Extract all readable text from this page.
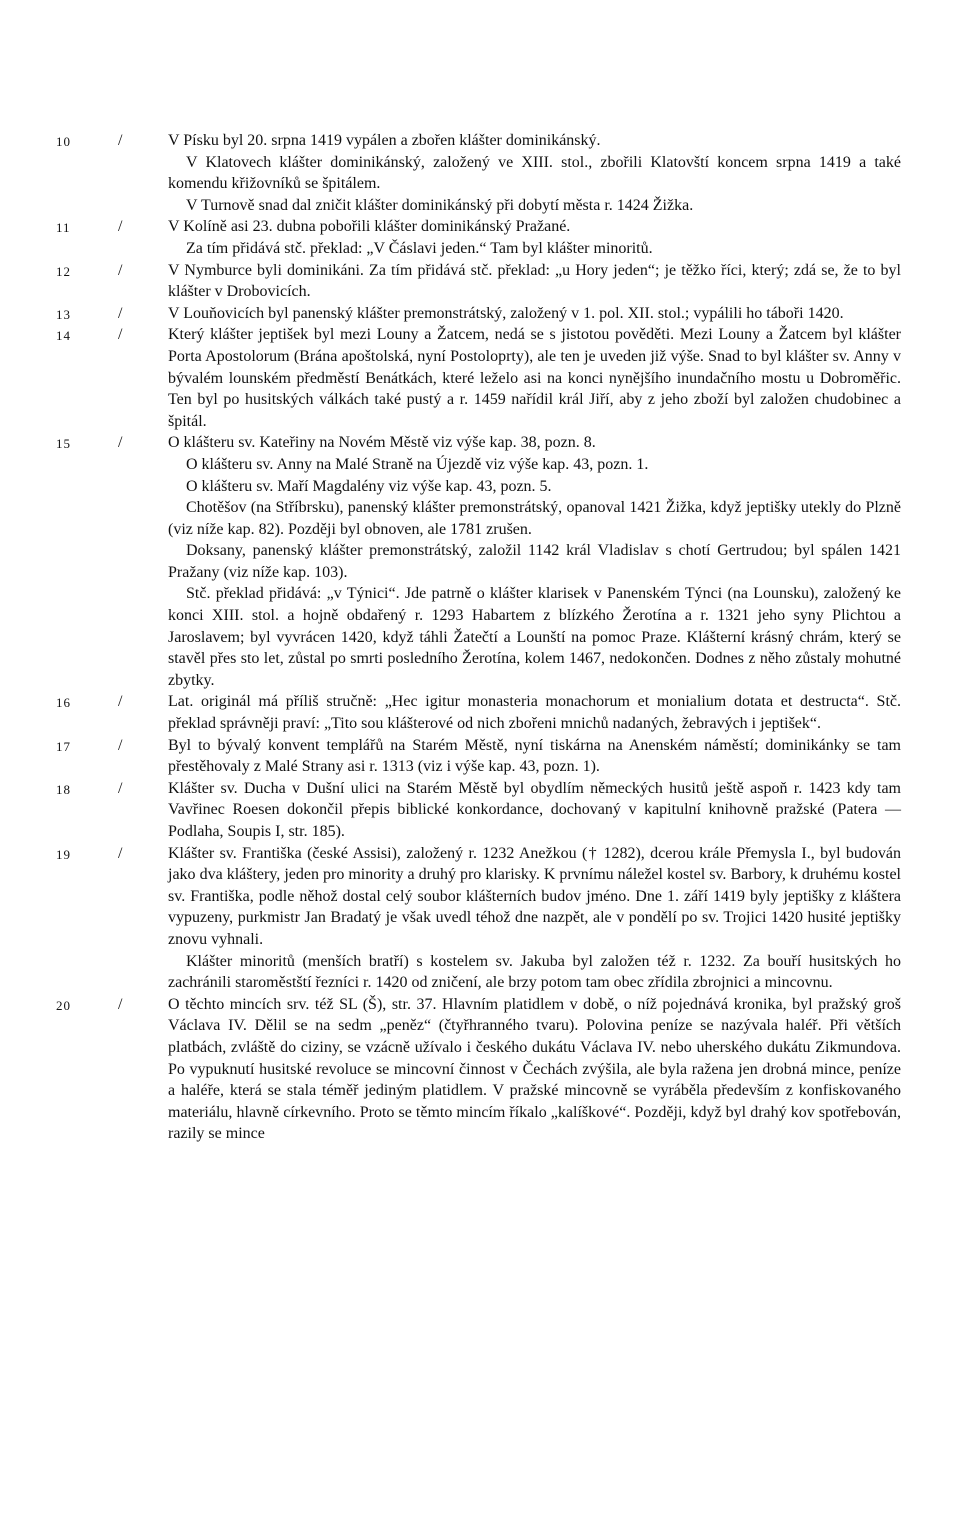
10	/	V Písku byl 20. srpna 1419 vypálen a zbořen klášter dominikánský.

V Klatovech klášter dominikánský, založený ve XIII. stol., zbořili Klatovští koncem srpna 1419 a také komendu křižovníků se špitálem.

V Turnově snad dal zničit klášter dominikánský při dobytí města r. 1424 Žižka.

11	/	V Kolíně asi 23. dubna pobořili klášter dominikánský Pražané.

Za tím přidává stč. překlad: „V Čáslavi jeden.“ Tam byl klášter minoritů.

12	/	V Nymburce byli dominikáni. Za tím přidává stč. překlad: „u Hory jeden“; je těžko říci, který; zdá se, že to byl klášter v Drobovicích.

13	/	V Louňovicích byl panenský klášter premonstrátský, založený v 1. pol. XII. stol.; vypálili ho táboři 1420.

14	/	Který klášter jeptišek byl mezi Louny a Žatcem, nedá se s jistotou pověděti. Mezi Louny a Žatcem byl klášter Porta Apostolorum (Brána apoštolská, nyní Postoloprty), ale ten je uveden již výše. Snad to byl klášter sv. Anny v bývalém lounském předměstí Benátkách, které leželo asi na konci nynějšího inundačního mostu u Dobroměřic. Ten byl po husitských válkách také pustý a r. 1459 nařídil král Jiří, aby z jeho zboží byl založen chudobinec a špitál.

15	/	O klášteru sv. Kateřiny na Novém Městě viz výše kap. 38, pozn. 8.

O klášteru sv. Anny na Malé Straně na Újezdě viz výše kap. 43, pozn. 1.

O klášteru sv. Maří Magdalény viz výše kap. 43, pozn. 5.

Chotěšov (na Stříbrsku), panenský klášter premonstrátský, opanoval 1421 Žižka, když jeptišky utekly do Plzně (viz níže kap. 82). Později byl obnoven, ale 1781 zrušen.

Doksany, panenský klášter premonstrátský, založil 1142 král Vladislav s chotí Gertrudou; byl spálen 1421 Pražany (viz níže kap. 103).

Stč. překlad přidává: „v Týnici“. Jde patrně o klášter klarisek v Panenském Týnci (na Lounsku), založený ke konci XIII. stol. a hojně obdařený r. 1293 Habartem z blízkého Žerotína a r. 1321 jeho syny Plichtou a Jaroslavem; byl vyvrácen 1420, když táhli Žatečtí a Lounští na pomoc Praze. Klášterní krásný chrám, který se stavěl přes sto let, zůstal po smrti posledního Žerotína, kolem 1467, nedokončen. Dodnes z něho zůstaly mohutné zbytky.

16	/	Lat. originál má příliš stručně: „Hec igitur monasteria monachorum et monialium dotata et destructa“. Stč. překlad správněji praví: „Tito sou klášterové od nich zbořeni mnichů nadaných, žebravých i jeptišek“.

17	/	Byl to bývalý konvent templářů na Starém Městě, nyní tiskárna na Anenském náměstí; dominikánky se tam přestěhovaly z Malé Strany asi r. 1313 (viz i výše kap. 43, pozn. 1).

18	/	Klášter sv. Ducha v Dušní ulici na Starém Městě byl obydlím německých husitů ještě aspoň r. 1423 kdy tam Vavřinec Roesen dokončil přepis biblické konkordance, dochovaný v kapitulní knihovně pražské (Patera — Podlaha, Soupis I, str. 185).

19	/	Klášter sv. Františka (české Assisi), založený r. 1232 Anežkou († 1282), dcerou krále Přemysla I., byl budován jako dva kláštery, jeden pro minority a druhý pro klarisky. K prvnímu náležel kostel sv. Barbory, k druhému kostel sv. Františka, podle něhož dostal celý soubor klášterních budov jméno. Dne 1. září 1419 byly jeptišky z kláštera vypuzeny, purkmistr Jan Bradatý je však uvedl téhož dne nazpět, ale v pondělí po sv. Trojici 1420 husité jeptišky znovu vyhnali.

Klášter minoritů (menších bratří) s kostelem sv. Jakuba byl založen též r. 1232. Za bouří husitských ho zachránili staroměstští řezníci r. 1420 od zničení, ale brzy potom tam obec zřídila zbrojnici a mincovnu.

20	/	O těchto mincích srv. též SL (Š), str. 37. Hlavním platidlem v době, o níž pojednává kronika, byl pražský groš Václava IV. Dělil se na sedm „peněz“ (čtyřhranného tvaru). Polovina peníze se nazývala haléř. Při větších platbách, zvláště do ciziny, se vzácně užívalo i českého dukátu Václava IV. nebo uherského dukátu Zikmundova. Po vypuknutí husitské revoluce se mincovní činnost v Čechách zvýšila, ale byla ražena jen drobná mince, peníze a haléře, která se stala téměř jediným platidlem. V pražské mincovně se vyráběla především z konfiskovaného materiálu, hlavně církevního. Proto se těmto mincím říkalo „kalíškové“. Později, když byl drahý kov spotřebován, razily se mince
